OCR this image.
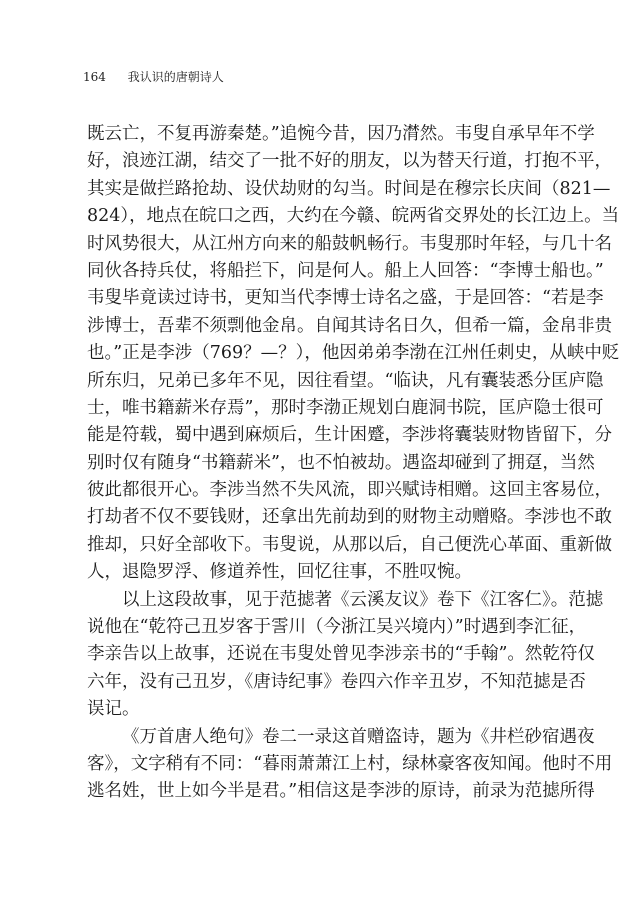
164 我认识的唐朝诗人
既云亡，不复再游秦楚。”追惋今昔，因乃潸然。韦叟自承早年不学
好，浪迹江湖，结交了一批不好的朋友，以为替天行道，打抱不平，
其实是做拦路抢劫、设伏劫财的勾当。时间是在穆宗长庆间（821—
824），地点在皖口之西，大约在今赣、皖两省交界处的长江边上。当
时风势很大，从江州方向来的船鼓帆畅行。韦叟那时年轻，与几十名
同伙各持兵仗，将船拦下，问是何人。船上人回答：“李博士船也。”
韦叟毕竟读过诗书，更知当代李博士诗名之盛，于是回答：“若是李
涉博士，吾辈不须剽他金帛。自闻其诗名日久，但希一篇，金帛非贵
也。”正是李涉（769？—？），他因弟弟李渤在江州任刺史，从峡中贬
所东归，兄弟已多年不见，因往看望。“临诀，凡有囊装悉分匡庐隐
士，唯书籍薪米存焉”，那时李渤正规划白鹿洞书院，匡庐隐士很可
能是符载，蜀中遇到麻烦后，生计困蹙，李涉将囊装财物皆留下，分
别时仅有随身“书籍薪米”，也不怕被劫。遇盗却碰到了拥趸，当然
彼此都很开心。李涉当然不失风流，即兴赋诗相赠。这回主客易位，
打劫者不仅不要钱财，还拿出先前劫到的财物主动赠赂。李涉也不敢
推却，只好全部收下。韦叟说，从那以后，自己便洗心革面、重新做
人，退隐罗浮、修道养性，回忆往事，不胜叹惋。
以上这段故事，见于范摅著《云溪友议》卷下《江客仁》。范摅
说他在“乾符己丑岁客于霅川（今浙江吴兴境内）”时遇到李汇征，
李亲告以上故事，还说在韦叟处曾见李涉亲书的“手翰”。然乾符仅
六年，没有己丑岁，《唐诗纪事》卷四六作辛丑岁，不知范摅是否
误记。
《万首唐人绝句》卷二一录这首赠盗诗，题为《井栏砂宿遇夜
客》，文字稍有不同：“暮雨萧萧江上村，绿林豪客夜知闻。他时不用
逃名姓，世上如今半是君。”相信这是李涉的原诗，前录为范摅所得
